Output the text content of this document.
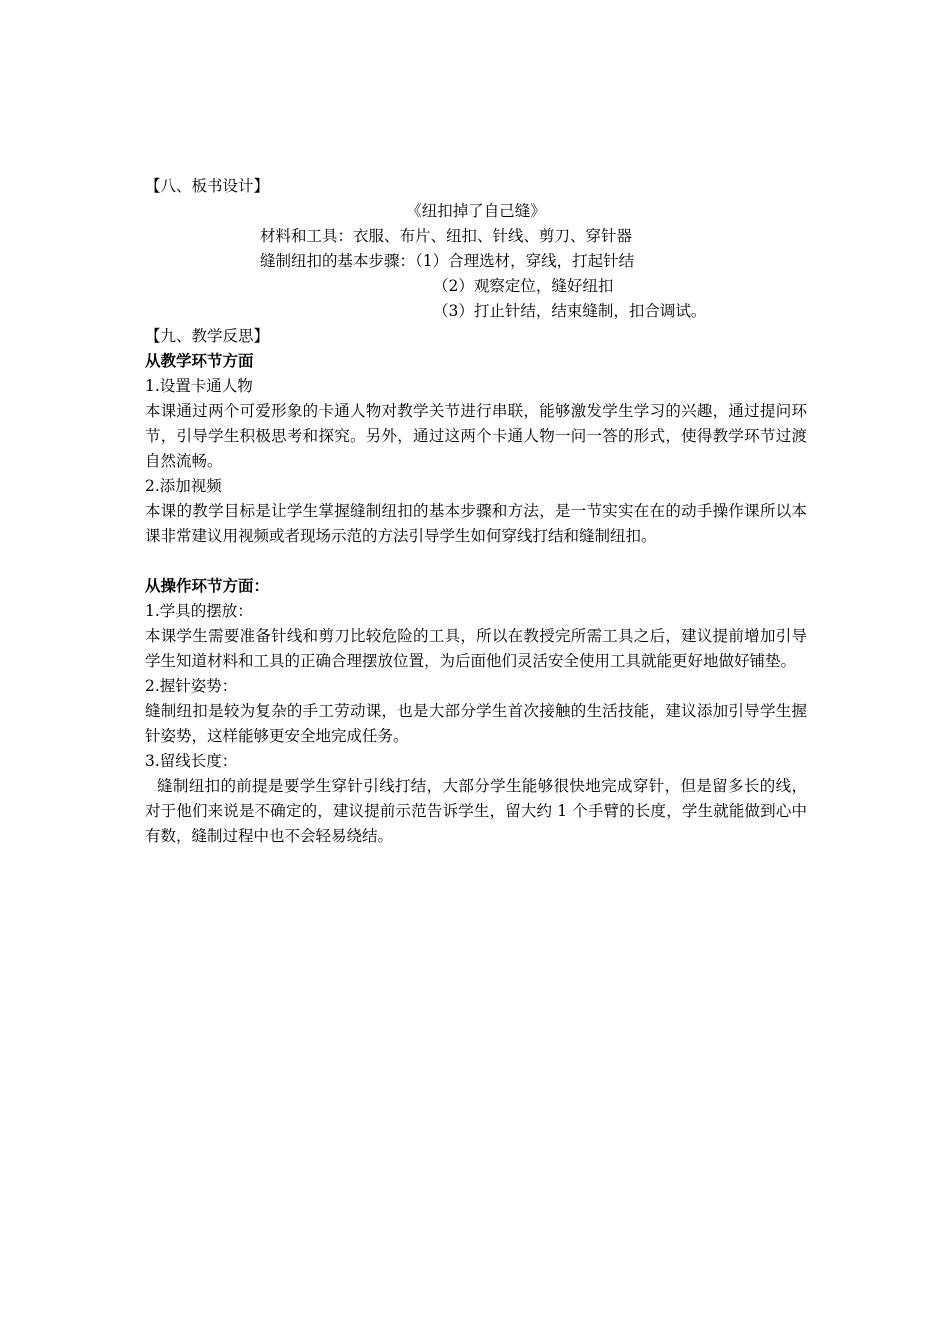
【八、板书设计】
《纽扣掉了自己缝》
材料和工具：衣服、布片、纽扣、针线、剪刀、穿针器
缝制纽扣的基本步骤：（1）合理选材，穿线，打起针结
（2）观察定位，缝好纽扣
（3）打止针结，结束缝制，扣合调试。
【九、教学反思】
从教学环节方面
1.设置卡通人物
本课通过两个可爱形象的卡通人物对教学关节进行串联，能够激发学生学习的兴趣，通过提问环节，引导学生积极思考和探究。另外，通过这两个卡通人物一问一答的形式，使得教学环节过渡自然流畅。
2.添加视频
本课的教学目标是让学生掌握缝制纽扣的基本步骤和方法，是一节实实在在的动手操作课所以本课非常建议用视频或者现场示范的方法引导学生如何穿线打结和缝制纽扣。
从操作环节方面：
1.学具的摆放：
本课学生需要准备针线和剪刀比较危险的工具，所以在教授完所需工具之后，建议提前增加引导学生知道材料和工具的正确合理摆放位置，为后面他们灵活安全使用工具就能更好地做好铺垫。
2.握针姿势：
缝制纽扣是较为复杂的手工劳动课，也是大部分学生首次接触的生活技能，建议添加引导学生握针姿势，这样能够更安全地完成任务。
3.留线长度：
缝制纽扣的前提是要学生穿针引线打结，大部分学生能够很快地完成穿针，但是留多长的线，对于他们来说是不确定的，建议提前示范告诉学生，留大约 1 个手臂的长度，学生就能做到心中有数，缝制过程中也不会轻易绕结。
